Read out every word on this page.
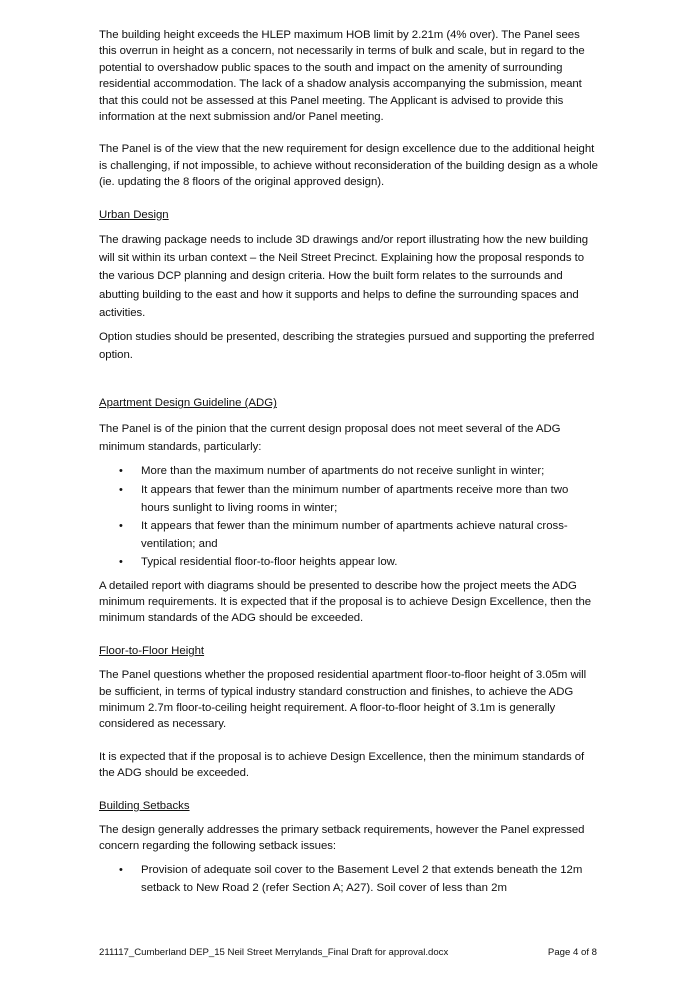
The building height exceeds the HLEP maximum HOB limit by 2.21m (4% over). The Panel sees this overrun in height as a concern, not necessarily in terms of bulk and scale, but in regard to the potential to overshadow public spaces to the south and impact on the amenity of surrounding residential accommodation. The lack of a shadow analysis accompanying the submission, meant that this could not be assessed at this Panel meeting. The Applicant is advised to provide this information at the next submission and/or Panel meeting.

The Panel is of the view that the new requirement for design excellence due to the additional height is challenging, if not impossible, to achieve without reconsideration of the building design as a whole (ie. updating the 8 floors of the original approved design).

Urban Design

The drawing package needs to include 3D drawings and/or report illustrating how the new building will sit within its urban context – the Neil Street Precinct. Explaining how the proposal responds to the various DCP planning and design criteria. How the built form relates to the surrounds and abutting building to the east and how it supports and helps to define the surrounding spaces and activities.

Option studies should be presented, describing the strategies pursued and supporting the preferred option.

Apartment Design Guideline (ADG)

The Panel is of the pinion that the current design proposal does not meet several of the ADG minimum standards, particularly:

• More than the maximum number of apartments do not receive sunlight in winter;
• It appears that fewer than the minimum number of apartments receive more than two hours sunlight to living rooms in winter;
• It appears that fewer than the minimum number of apartments achieve natural cross-ventilation; and
• Typical residential floor-to-floor heights appear low.

A detailed report with diagrams should be presented to describe how the project meets the ADG minimum requirements. It is expected that if the proposal is to achieve Design Excellence, then the minimum standards of the ADG should be exceeded.

Floor-to-Floor Height

The Panel questions whether the proposed residential apartment floor-to-floor height of 3.05m will be sufficient, in terms of typical industry standard construction and finishes, to achieve the ADG minimum 2.7m floor-to-ceiling height requirement. A floor-to-floor height of 3.1m is generally considered as necessary.

It is expected that if the proposal is to achieve Design Excellence, then the minimum standards of the ADG should be exceeded.

Building Setbacks

The design generally addresses the primary setback requirements, however the Panel expressed concern regarding the following setback issues:

• Provision of adequate soil cover to the Basement Level 2 that extends beneath the 12m setback to New Road 2 (refer Section A; A27). Soil cover of less than 2m
211117_Cumberland DEP_15 Neil Street Merrylands_Final Draft for approval.docx	Page 4 of 8
